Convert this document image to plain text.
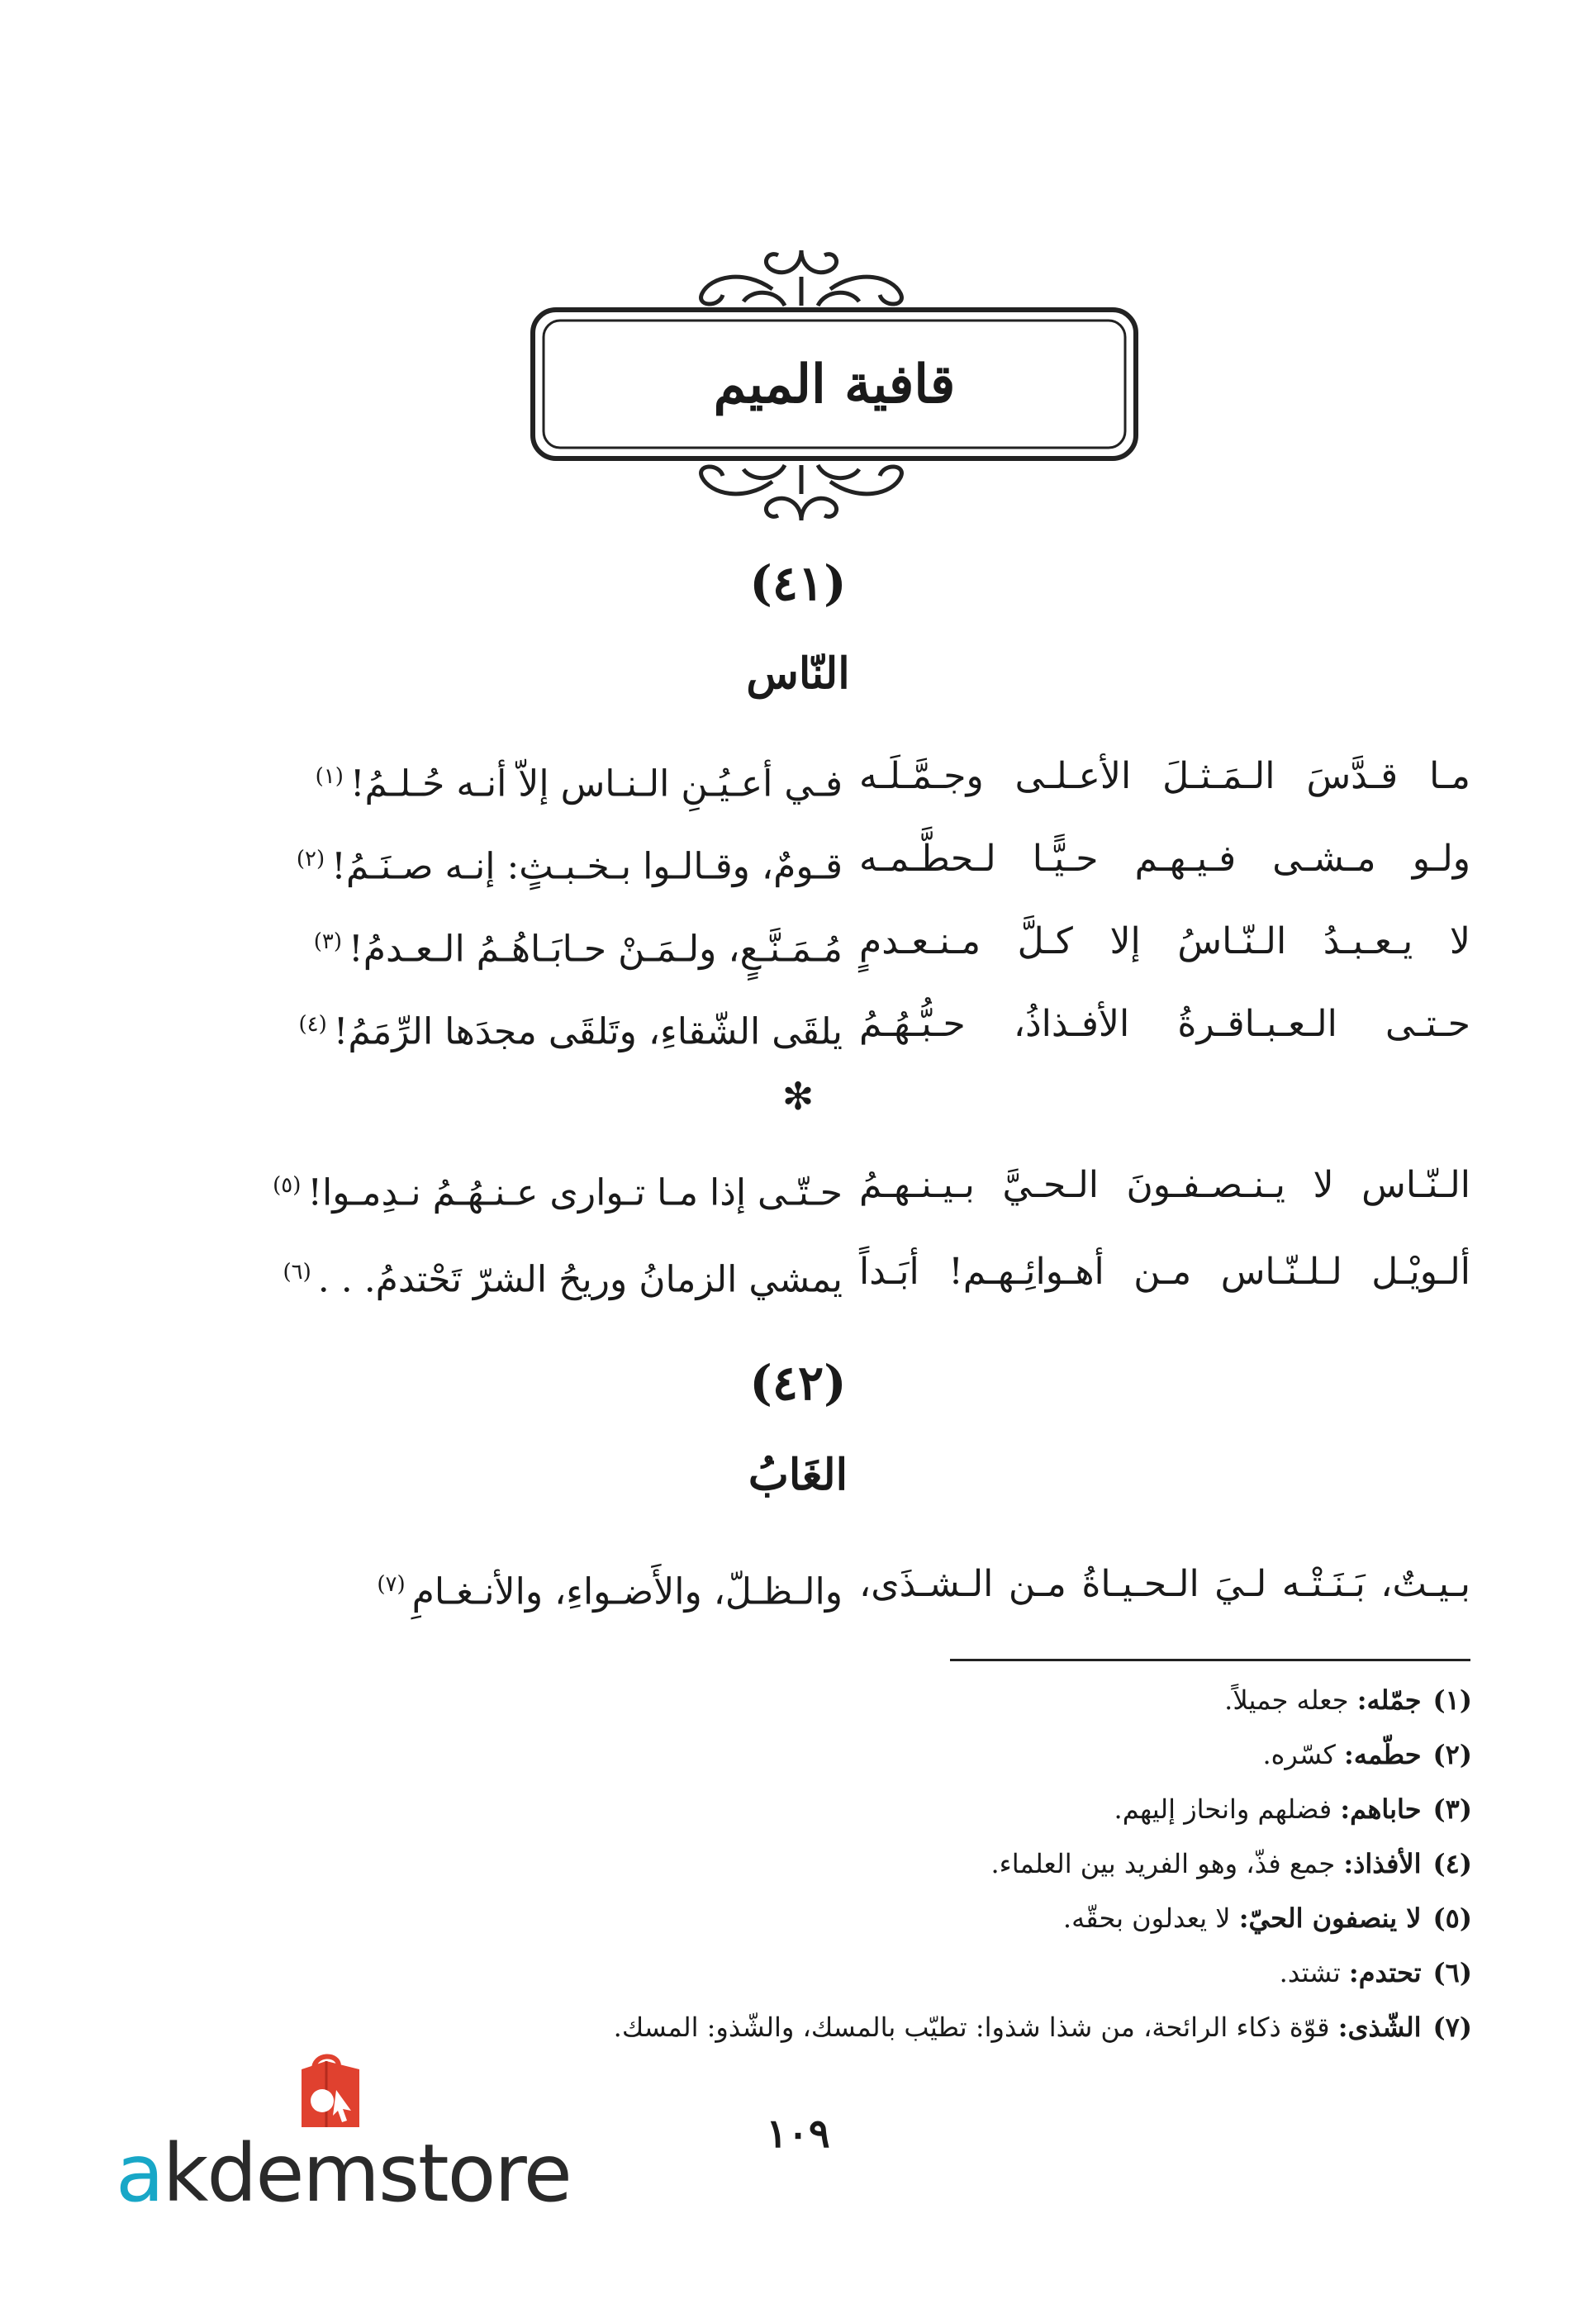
قافية الميم
(٤١)
النّاس
مـا قـدَّسَ الـمَـثـلَ الأعـلـى وجـمَّـلَـه
فـي أعـيُـنِ الـنـاس إلاّ أنـه حُـلـمُ!$^{(١)}$
ولـو مـشـى فـيـهـم حـيًّـا لـحطَّـمـه
قـومٌ، وقـالـوا بـخـبـثٍ: إنـه صـنَـمُ!$^{(٢)}$
لا يـعـبـدُ الـنّـاسُ إلا كـلَّ مـنـعـدمٍ
مُـمَـنَّـعٍ، ولـمَـنْ حـابَـاهُـمُ الـعـدمُ!$^{(٣)}$
حـتـى الـعـبـاقـرةُ الأفـذاذُ، حـبُّـهُـمُ
يلقَى الشّقاءِ، وتَلقَى مجدَها الرِّمَمُ!$^{(٤)}$
✻
الـنّـاس لا يـنـصـفـونَ الـحـيَّ بـيـنـهـمُ
حـتّـى إذا مـا تـوارى عـنـهُـمُ نـدِمـوا!$^{(٥)}$
ألـويْـل لـلـنّـاس مـن أهـوائِـهـم! أبَـداً
يمشي الزمانُ وريحُ الشرّ تَحْتدمُ. . .$^{(٦)}$
(٤٢)
الغَابُ
بـيـتٌ، بَـنَـتْـه لـيَ الـحـيـاةُ مـن الـشـذَى،
والـظـلّ، والأَضـواءِ، والأنـغـامِ$^{(٧)}$
(١)جمّله: جعله جميلاً.
(٢)حطّمه: كسّره.
(٣)حاباهم: فضلهم وانحاز إليهم.
(٤)الأفذاذ: جمع فذّ، وهو الفريد بين العلماء.
(٥)لا ينصفون الحيّ: لا يعدلون بحقّه.
(٦)تحتدم: تشتد.
(٧)الشّذى: قوّة ذكاء الرائحة، من شذا شذوا: تطيّب بالمسك، والشّذو: المسك.
١٠٩
akdemstore
